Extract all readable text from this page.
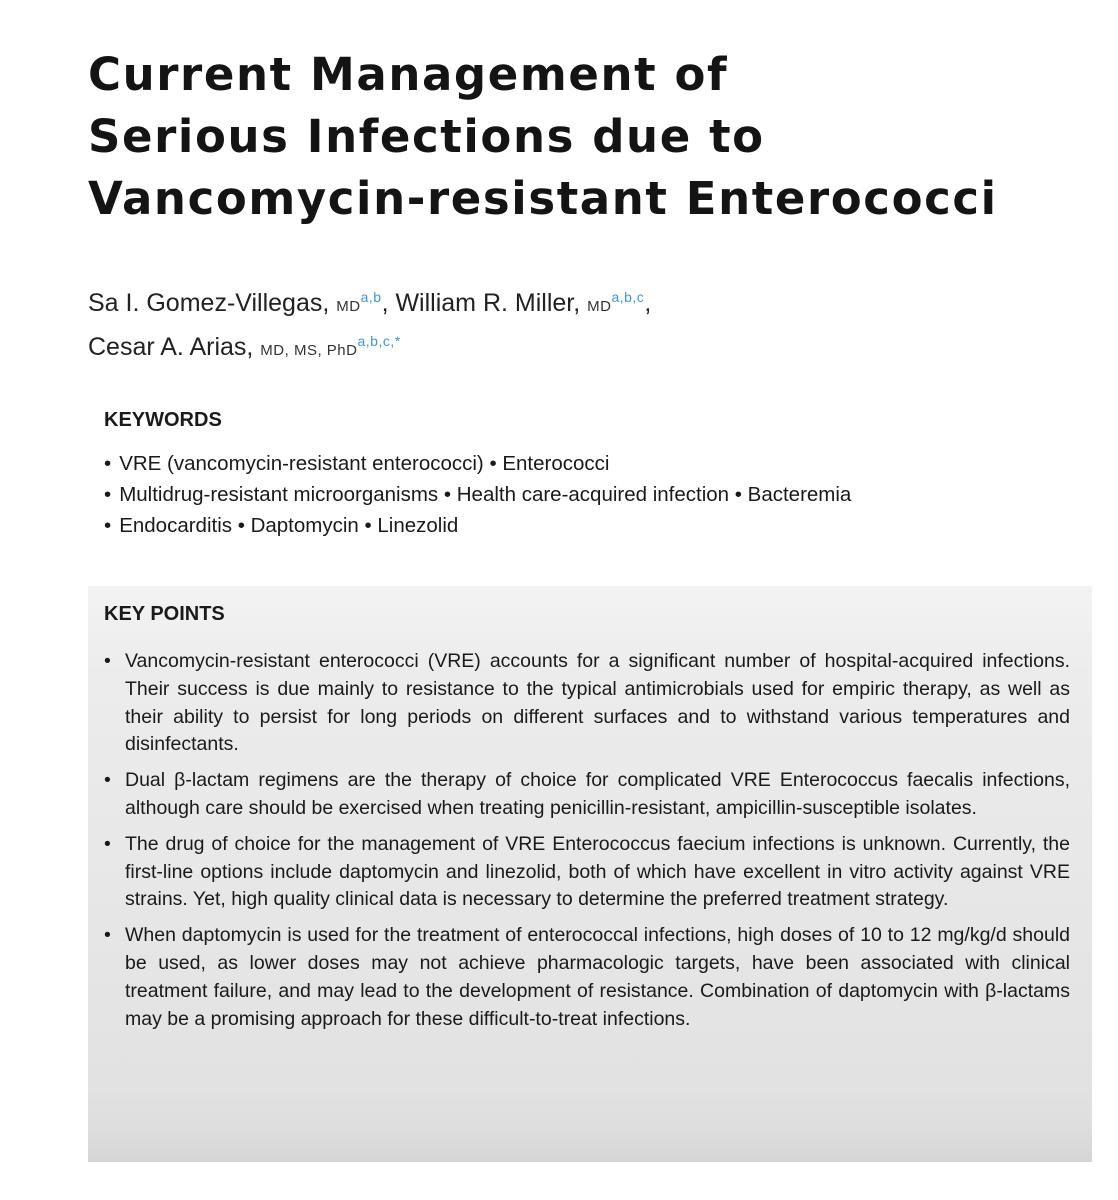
Current Management of
Serious Infections due to
Vancomycin-resistant Enterococci
Sa I. Gomez-Villegas, MD$^{a,b}$, William R. Miller, MD$^{a,b,c}$,
Cesar A. Arias, MD, MS, PhD$^{a,b,c,*}$
KEYWORDS
• VRE (vancomycin-resistant enterococci) • Enterococci
• Multidrug-resistant microorganisms • Health care-acquired infection • Bacteremia
• Endocarditis • Daptomycin • Linezolid
KEY POINTS
• Vancomycin-resistant enterococci (VRE) accounts for a significant number of hospital-acquired infections. Their success is due mainly to resistance to the typical antimicrobials used for empiric therapy, as well as their ability to persist for long periods on different surfaces and to withstand various temperatures and disinfectants.
• Dual β-lactam regimens are the therapy of choice for complicated VRE Enterococcus faecalis infections, although care should be exercised when treating penicillin-resistant, ampicillin-susceptible isolates.
• The drug of choice for the management of VRE Enterococcus faecium infections is unknown. Currently, the first-line options include daptomycin and linezolid, both of which have excellent in vitro activity against VRE strains. Yet, high quality clinical data is necessary to determine the preferred treatment strategy.
• When daptomycin is used for the treatment of enterococcal infections, high doses of 10 to 12 mg/kg/d should be used, as lower doses may not achieve pharmacologic targets, have been associated with clinical treatment failure, and may lead to the development of resistance. Combination of daptomycin with β-lactams may be a promising approach for these difficult-to-treat infections.
